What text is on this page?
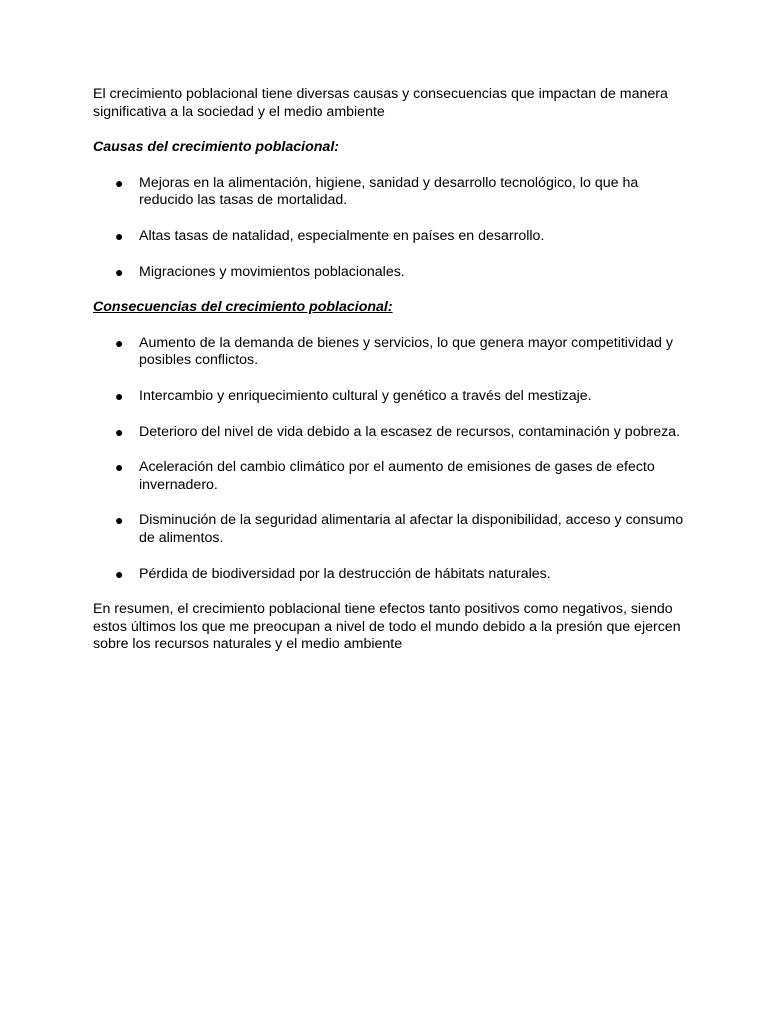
El crecimiento poblacional tiene diversas causas y consecuencias que impactan de manera significativa a la sociedad y el medio ambiente

Causas del crecimiento poblacional:

● Mejoras en la alimentación, higiene, sanidad y desarrollo tecnológico, lo que ha reducido las tasas de mortalidad.
● Altas tasas de natalidad, especialmente en países en desarrollo.
● Migraciones y movimientos poblacionales.

Consecuencias del crecimiento poblacional:

● Aumento de la demanda de bienes y servicios, lo que genera mayor competitividad y posibles conflictos.
● Intercambio y enriquecimiento cultural y genético a través del mestizaje.
● Deterioro del nivel de vida debido a la escasez de recursos, contaminación y pobreza.
● Aceleración del cambio climático por el aumento de emisiones de gases de efecto invernadero.
● Disminución de la seguridad alimentaria al afectar la disponibilidad, acceso y consumo de alimentos.
● Pérdida de biodiversidad por la destrucción de hábitats naturales.

En resumen, el crecimiento poblacional tiene efectos tanto positivos como negativos, siendo estos últimos los que me preocupan a nivel de todo el mundo debido a la presión que ejercen sobre los recursos naturales y el medio ambiente
